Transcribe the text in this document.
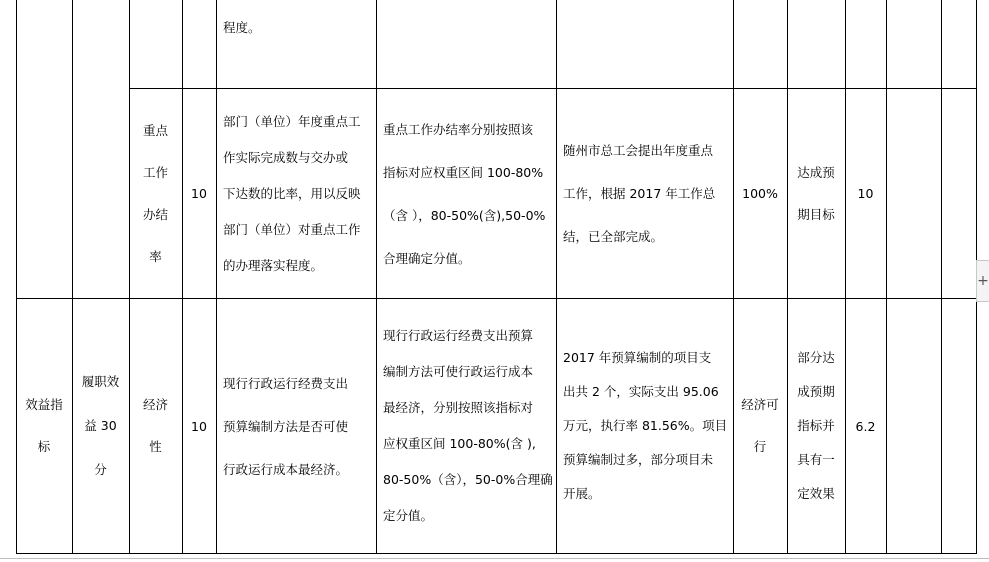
程度。
重点
工作
办结
率
10
部门（单位）年度重点工
作实际完成数与交办或
下达数的比率，用以反映
部门（单位）对重点工作
的办理落实程度。
重点工作办结率分别按照该
指标对应权重区间 100-80%
（含 ），80-50%(含),50-0%
合理确定分值。
随州市总工会提出年度重点
工作，根据 2017 年工作总
结，已全部完成。
100%
达成预
期目标
10
效益指
标
履职效
益 30
分
经济
性
10
现行行政运行经费支出
预算编制方法是否可使
行政运行成本最经济。
现行行政运行经费支出预算
编制方法可使行政运行成本
最经济，分别按照该指标对
应权重区间 100-80%(含 ),
80-50%（含），50-0%合理确
定分值。
2017 年预算编制的项目支
出共 2 个，实际支出 95.06
万元，执行率 81.56%。项目
预算编制过多，部分项目未
开展。
经济可
行
部分达
成预期
指标并
具有一
定效果
6.2
+
